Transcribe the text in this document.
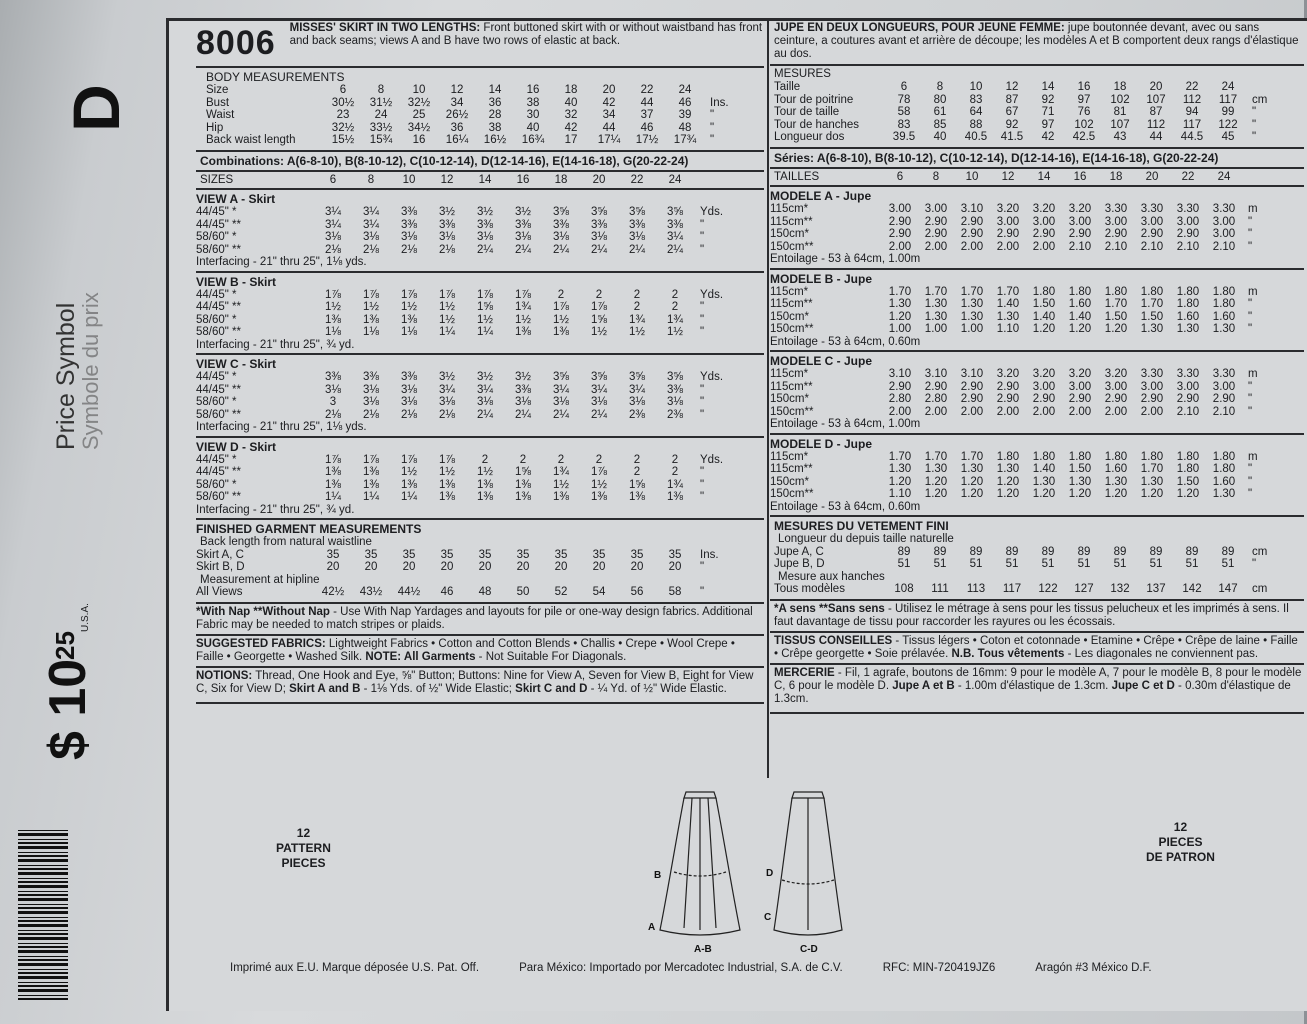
D
Price Symbol
Symbole du prix
25
U.S.A.
$ 10
8006 MISSES' SKIRT IN TWO LENGTHS: Front buttoned skirt with or without waistband has front and back seams; views A and B have two rows of elastic at back.
BODY MEASUREMENTS
Size	6	8	10	12	14	16	18	20	22	24
Bust	30½	31½	32½	34	36	38	40	42	44	46	Ins.
Waist	23	24	25	26½	28	30	32	34	37	39	"
Hip	32½	33½	34½	36	38	40	42	44	46	48	"
Back waist length	15½	15¾	16	16¼	16½	16¾	17	17¼	17½	17¾	"
Combinations: A(6-8-10), B(8-10-12), C(10-12-14), D(12-14-16), E(14-16-18), G(20-22-24)
SIZES	6	8	10	12	14	16	18	20	22	24
VIEW A - Skirt
44/45" *	3¼	3¼	3⅜	3½	3½	3½	3⅝	3⅝	3⅝	3⅝	Yds.
44/45" **	3¼	3¼	3⅜	3⅜	3⅜	3⅜	3⅜	3⅜	3⅜	3⅜	"
58/60" *	3⅛	3⅛	3⅛	3⅛	3⅛	3⅛	3⅛	3⅛	3⅛	3¼	"
58/60" **	2⅛	2⅛	2⅛	2⅛	2¼	2¼	2¼	2¼	2¼	2¼	"
Interfacing - 21" thru 25", 1⅛ yds.
VIEW B - Skirt
44/45" *	1⅞	1⅞	1⅞	1⅞	1⅞	1⅞	2	2	2	2	Yds.
44/45" **	1½	1½	1½	1½	1⅝	1¾	1⅞	1⅞	2	2	"
58/60" *	1⅜	1⅜	1⅜	1½	1½	1½	1½	1⅝	1¾	1¾	"
58/60" **	1⅛	1⅛	1⅛	1¼	1¼	1⅜	1⅜	1½	1½	1½	"
Interfacing - 21" thru 25", ¾ yd.
VIEW C - Skirt
44/45" *	3⅜	3⅜	3⅜	3½	3½	3½	3⅝	3⅝	3⅝	3⅝	Yds.
44/45" **	3⅛	3⅛	3⅛	3¼	3¼	3⅜	3¼	3¼	3¼	3⅜	"
58/60" *	3	3⅛	3⅛	3⅛	3⅛	3⅛	3⅛	3⅛	3⅛	3⅛	"
58/60" **	2⅛	2⅛	2⅛	2⅛	2¼	2¼	2¼	2¼	2⅜	2⅜	"
Interfacing - 21" thru 25", 1⅛ yds.
VIEW D - Skirt
44/45" *	1⅞	1⅞	1⅞	1⅞	2	2	2	2	2	2	Yds.
44/45" **	1⅜	1⅜	1½	1½	1½	1⅝	1¾	1⅞	2	2	"
58/60" *	1⅜	1⅜	1⅜	1⅜	1⅜	1⅜	1½	1½	1⅝	1¾	"
58/60" **	1¼	1¼	1¼	1⅜	1⅜	1⅜	1⅜	1⅜	1⅜	1⅜	"
Interfacing - 21" thru 25", ¾ yd.
FINISHED GARMENT MEASUREMENTS
Back length from natural waistline
Skirt A, C	35	35	35	35	35	35	35	35	35	35	Ins.
Skirt B, D	20	20	20	20	20	20	20	20	20	20	"
Measurement at hipline
All Views	42½	43½	44½	46	48	50	52	54	56	58	"
*With Nap **Without Nap - Use With Nap Yardages and layouts for pile or one-way design fabrics. Additional Fabric may be needed to match stripes or plaids.
SUGGESTED FABRICS: Lightweight Fabrics • Cotton and Cotton Blends • Challis • Crepe • Wool Crepe • Faille • Georgette • Washed Silk. NOTE: All Garments - Not Suitable For Diagonals.
NOTIONS: Thread, One Hook and Eye, ⅝" Button; Buttons: Nine for View A, Seven for View B, Eight for View C, Six for View D; Skirt A and B - 1⅛ Yds. of ½" Wide Elastic; Skirt C and D - ¼ Yd. of ½" Wide Elastic.
JUPE EN DEUX LONGUEURS, POUR JEUNE FEMME: jupe boutonnée devant, avec ou sans ceinture, a coutures avant et arrière de découpe; les modèles A et B comportent deux rangs d'élastique au dos.
MESURES
Taille	6	8	10	12	14	16	18	20	22	24
Tour de poitrine	78	80	83	87	92	97	102	107	112	117	cm
Tour de taille	58	61	64	67	71	76	81	87	94	99	"
Tour de hanches	83	85	88	92	97	102	107	112	117	122	"
Longueur dos	39.5	40	40.5	41.5	42	42.5	43	44	44.5	45	"
Séries: A(6-8-10), B(8-10-12), C(10-12-14), D(12-14-16), E(14-16-18), G(20-22-24)
TAILLES	6	8	10	12	14	16	18	20	22	24
MODELE A - Jupe
115cm*	3.00	3.00	3.10	3.20	3.20	3.20	3.30	3.30	3.30	3.30	m
115cm**	2.90	2.90	2.90	3.00	3.00	3.00	3.00	3.00	3.00	3.00	"
150cm*	2.90	2.90	2.90	2.90	2.90	2.90	2.90	2.90	2.90	3.00	"
150cm**	2.00	2.00	2.00	2.00	2.00	2.10	2.10	2.10	2.10	2.10	"
Entoilage - 53 à 64cm, 1.00m
MODELE B - Jupe
115cm*	1.70	1.70	1.70	1.70	1.80	1.80	1.80	1.80	1.80	1.80	m
115cm**	1.30	1.30	1.30	1.40	1.50	1.60	1.70	1.70	1.80	1.80	"
150cm*	1.20	1.30	1.30	1.30	1.40	1.40	1.50	1.50	1.60	1.60	"
150cm**	1.00	1.00	1.00	1.10	1.20	1.20	1.20	1.30	1.30	1.30	"
Entoilage - 53 à 64cm, 0.60m
MODELE C - Jupe
115cm*	3.10	3.10	3.10	3.20	3.20	3.20	3.20	3.30	3.30	3.30	m
115cm**	2.90	2.90	2.90	2.90	3.00	3.00	3.00	3.00	3.00	3.00	"
150cm*	2.80	2.80	2.90	2.90	2.90	2.90	2.90	2.90	2.90	2.90	"
150cm**	2.00	2.00	2.00	2.00	2.00	2.00	2.00	2.00	2.10	2.10	"
Entoilage - 53 à 64cm, 1.00m
MODELE D - Jupe
115cm*	1.70	1.70	1.70	1.80	1.80	1.80	1.80	1.80	1.80	1.80	m
115cm**	1.30	1.30	1.30	1.30	1.40	1.50	1.60	1.70	1.80	1.80	"
150cm*	1.20	1.20	1.20	1.20	1.30	1.30	1.30	1.30	1.50	1.60	"
150cm**	1.10	1.20	1.20	1.20	1.20	1.20	1.20	1.20	1.20	1.30	"
Entoilage - 53 à 64cm, 0.60m
MESURES DU VETEMENT FINI
Longueur du depuis taille naturelle
Jupe A, C	89	89	89	89	89	89	89	89	89	89	cm
Jupe B, D	51	51	51	51	51	51	51	51	51	51	"
Mesure aux hanches
Tous modèles	108	111	113	117	122	127	132	137	142	147	cm
*A sens **Sans sens - Utilisez le métrage à sens pour les tissus pelucheux et les imprimés à sens. Il faut davantage de tissu pour raccorder les rayures ou les écossais.
TISSUS CONSEILLES - Tissus légers • Coton et cotonnade • Etamine • Crêpe • Crêpe de laine • Faille • Crêpe georgette • Soie prélavée. N.B. Tous vêtements - Les diagonales ne conviennent pas.
MERCERIE - Fil, 1 agrafe, boutons de 16mm: 9 pour le modèle A, 7 pour le modèle B, 8 pour le modèle C, 6 pour le modèle D. Jupe A et B - 1.00m d'élastique de 1.3cm. Jupe C et D - 0.30m d'élastique de 1.3cm.
12
PATTERN
PIECES
12
PIECES
DE PATRON
B
A
D
C
A-B	C-D
Imprimé aux E.U. Marque déposée U.S. Pat. Off.	Para México: Importado por Mercadotec Industrial, S.A. de C.V.	RFC: MIN-720419JZ6	Aragón #3 México D.F.
